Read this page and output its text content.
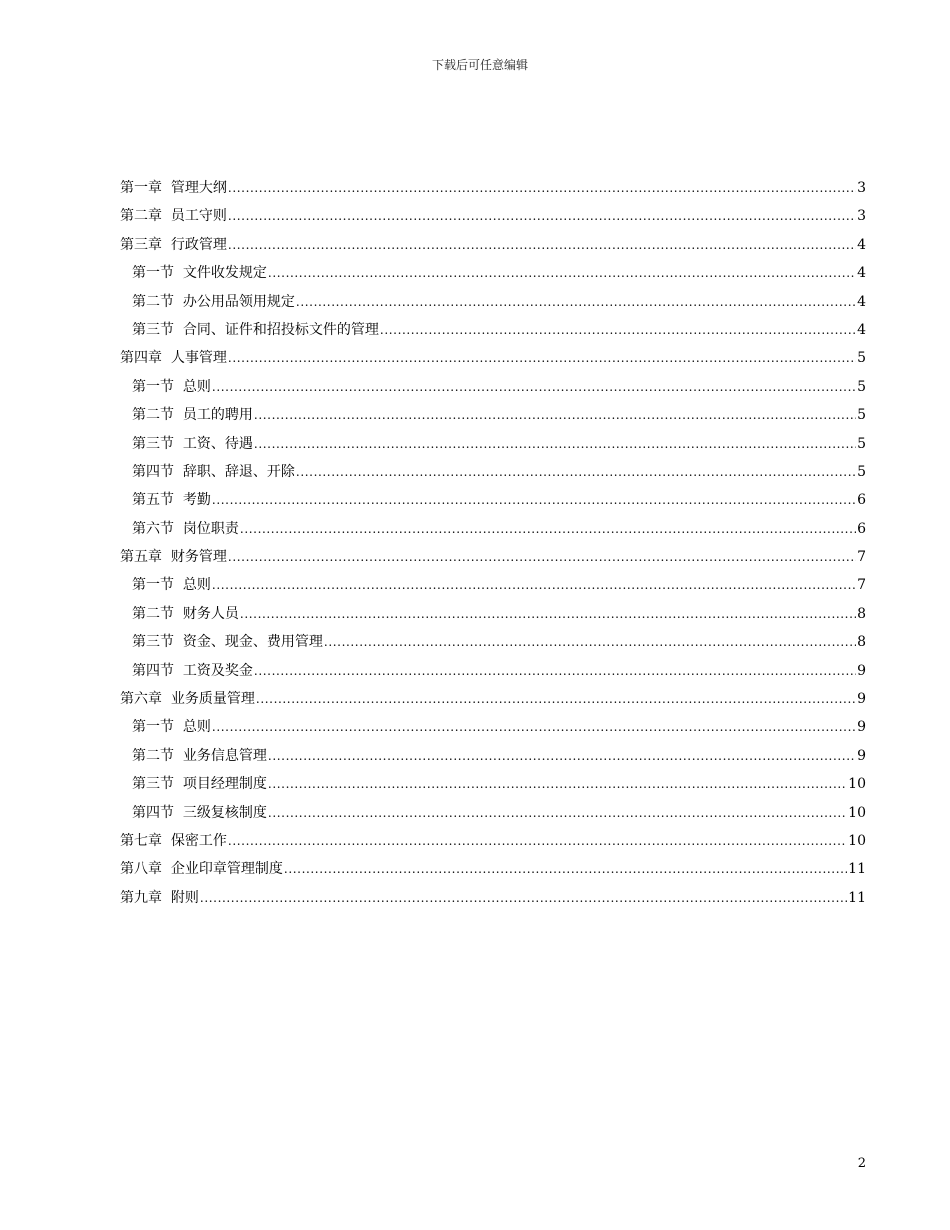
下载后可任意编辑
第一章 管理大纲 .....	3
第二章 员工守则 .....	3
第三章 行政管理 .....	4
第一节 文件收发规定 .....	4
第二节 办公用品领用规定 .....	4
第三节 合同、证件和招投标文件的管理 .....	4
第四章 人事管理 .....	5
第一节 总则 .....	5
第二节 员工的聘用 .....	5
第三节 工资、待遇 .....	5
第四节 辞职、辞退、开除 .....	5
第五节 考勤 .....	6
第六节 岗位职责 .....	6
第五章 财务管理 .....	7
第一节 总则 .....	7
第二节 财务人员 .....	8
第三节 资金、现金、费用管理 .....	8
第四节 工资及奖金 .....	9
第六章 业务质量管理 .....	9
第一节 总则 .....	9
第二节 业务信息管理 .....	9
第三节 项目经理制度 .....	10
第四节 三级复核制度 .....	10
第七章 保密工作 .....	10
第八章 企业印章管理制度 .....	11
第九章 附则 .....	11
2
